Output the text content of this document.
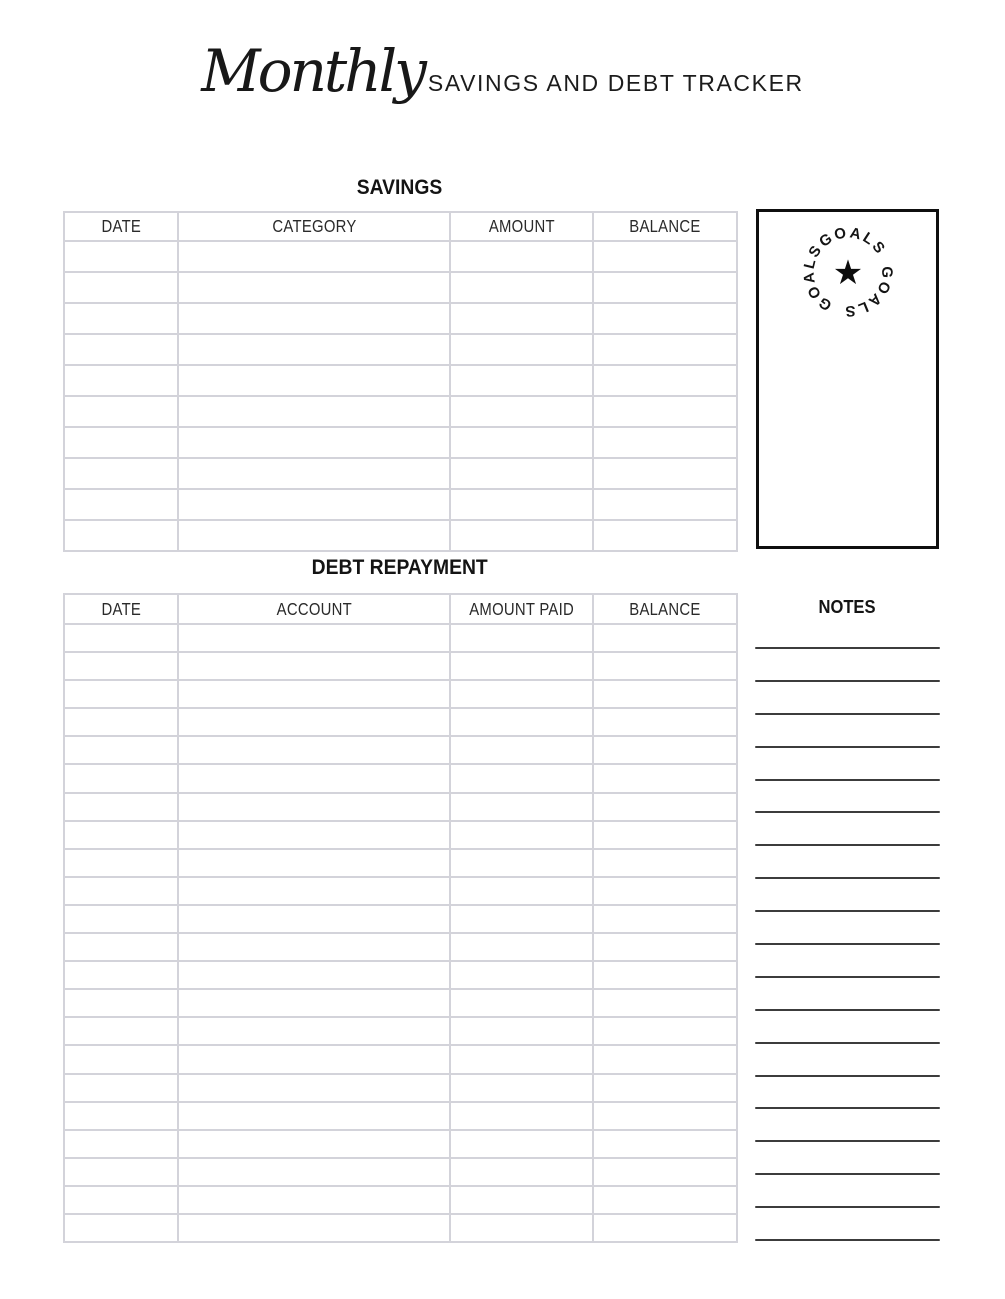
Monthly SAVINGS AND DEBT TRACKER
SAVINGS
DATE	CATEGORY	AMOUNT	BALANCE

GOALS GOALS GOALS
★
DEBT REPAYMENT
DATE	ACCOUNT	AMOUNT PAID	BALANCE

				NOTES
